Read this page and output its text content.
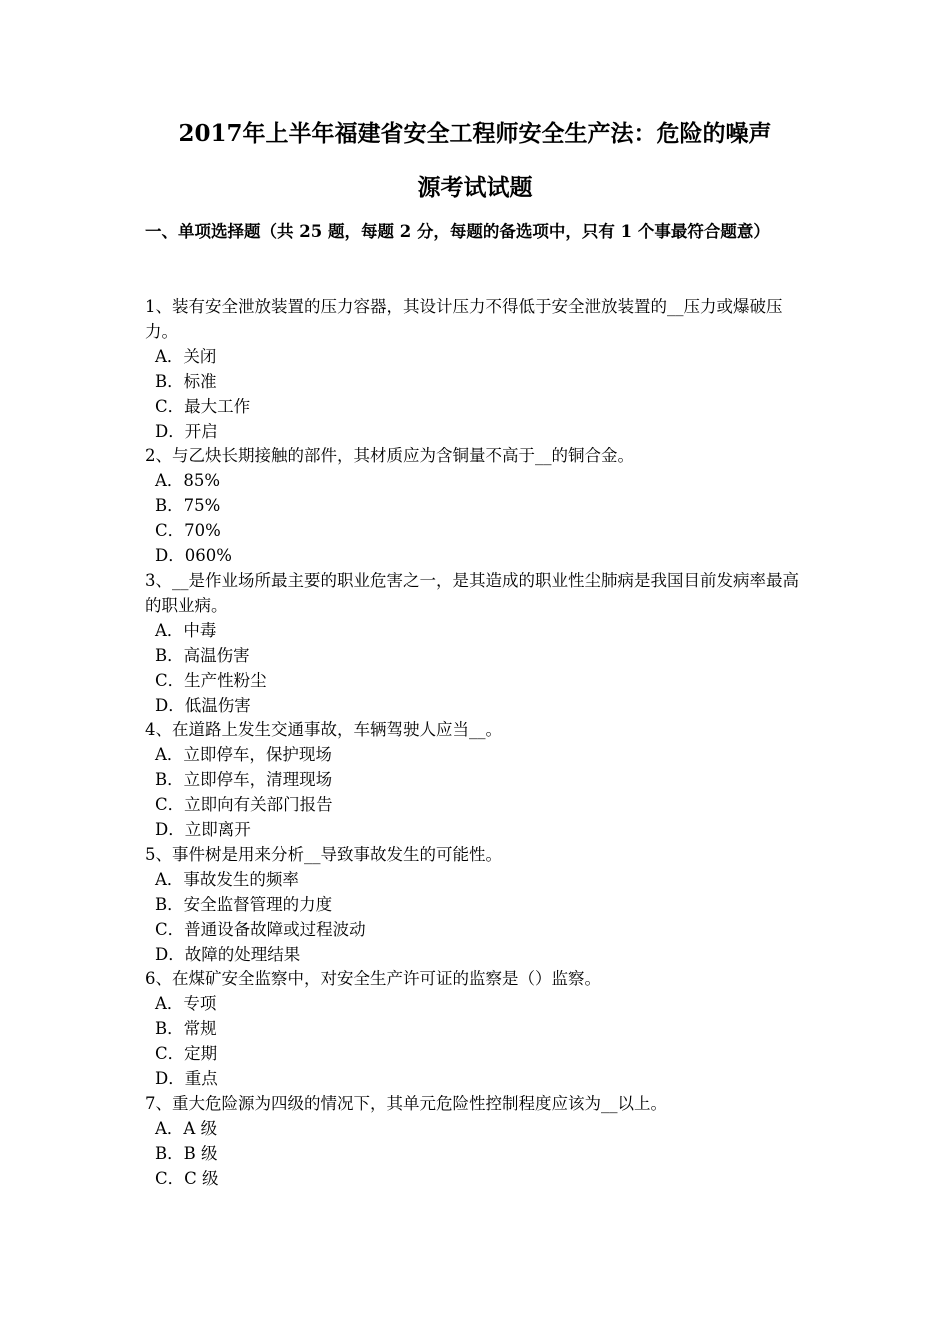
2017年上半年福建省安全工程师安全生产法：危险的噪声
源考试试题
一、单项选择题（共 25 题，每题 2 分，每题的备选项中，只有 1 个事最符合题意）

1、装有安全泄放装置的压力容器，其设计压力不得低于安全泄放装置的__压力或爆破压力。

A．关闭

B．标准

C．最大工作

D．开启

2、与乙炔长期接触的部件，其材质应为含铜量不高于__的铜合金。

A．85%

B．75%

C．70%

D．060%

3、__是作业场所最主要的职业危害之一，是其造成的职业性尘肺病是我国目前发病率最高的职业病。

A．中毒

B．高温伤害

C．生产性粉尘

D．低温伤害

4、在道路上发生交通事故，车辆驾驶人应当__。

A．立即停车，保护现场

B．立即停车，清理现场

C．立即向有关部门报告

D．立即离开

5、事件树是用来分析__导致事故发生的可能性。

A．事故发生的频率

B．安全监督管理的力度

C．普通设备故障或过程波动

D．故障的处理结果

6、在煤矿安全监察中，对安全生产许可证的监察是（）监察。

A．专项

B．常规

C．定期

D．重点

7、重大危险源为四级的情况下，其单元危险性控制程度应该为__以上。

A．A 级

B．B 级

C．C 级
